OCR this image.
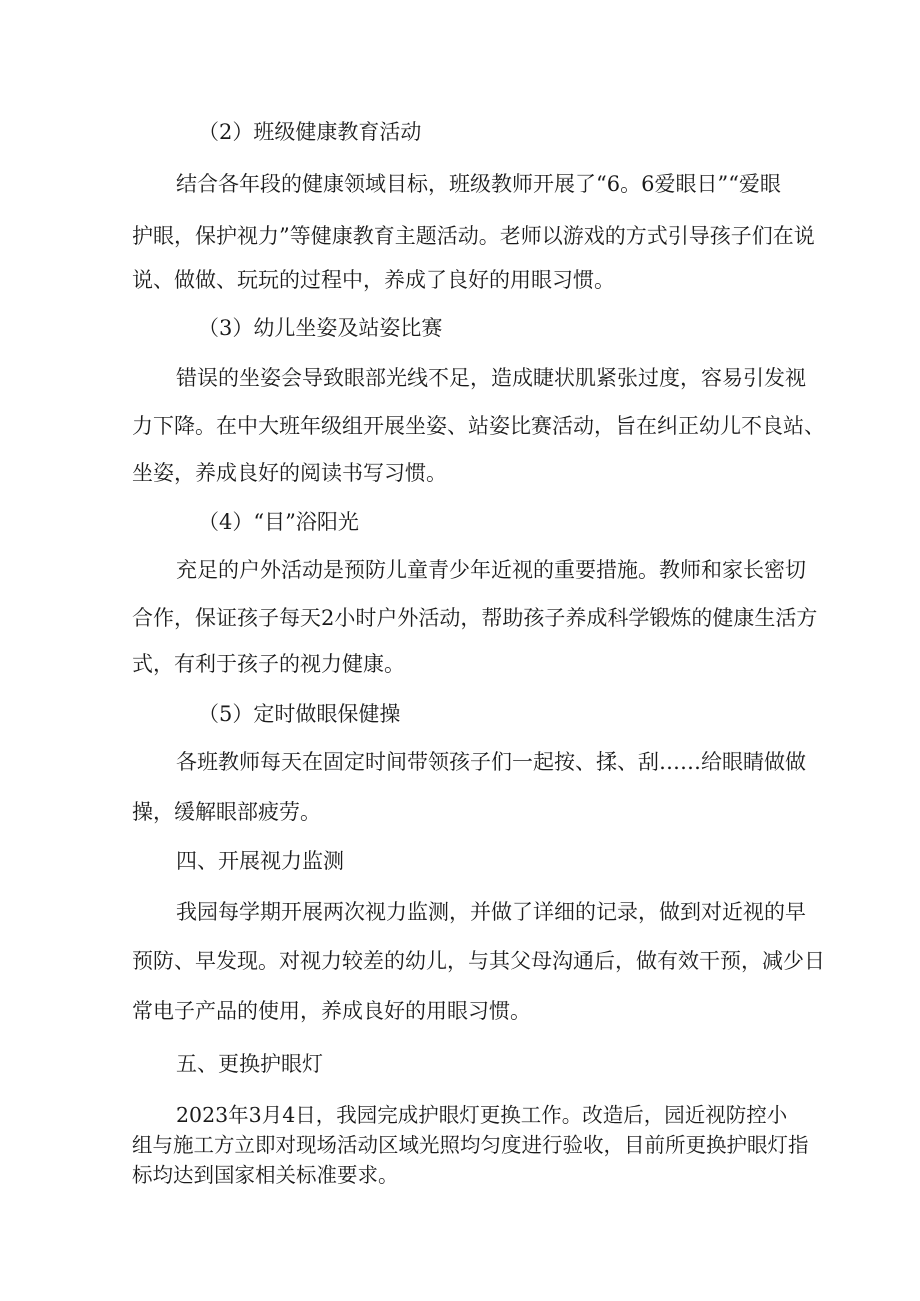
（2）班级健康教育活动
结合各年段的健康领域目标，班级教师开展了“6。6爱眼日”“爱眼
护眼，保护视力”等健康教育主题活动。老师以游戏的方式引导孩子们在说
说、做做、玩玩的过程中，养成了良好的用眼习惯。
（3）幼儿坐姿及站姿比赛
错误的坐姿会导致眼部光线不足，造成睫状肌紧张过度，容易引发视
力下降。在中大班年级组开展坐姿、站姿比赛活动，旨在纠正幼儿不良站、
坐姿，养成良好的阅读书写习惯。
（4）“目”浴阳光
充足的户外活动是预防儿童青少年近视的重要措施。教师和家长密切
合作，保证孩子每天2小时户外活动，帮助孩子养成科学锻炼的健康生活方
式，有利于孩子的视力健康。
（5）定时做眼保健操
各班教师每天在固定时间带领孩子们一起按、揉、刮……给眼睛做做
操，缓解眼部疲劳。
四、开展视力监测
我园每学期开展两次视力监测，并做了详细的记录，做到对近视的早
预防、早发现。对视力较差的幼儿，与其父母沟通后，做有效干预，减少日
常电子产品的使用，养成良好的用眼习惯。
五、更换护眼灯
2023年3月4日，我园完成护眼灯更换工作。改造后，园近视防控小
组与施工方立即对现场活动区域光照均匀度进行验收，目前所更换护眼灯指
标均达到国家相关标准要求。
